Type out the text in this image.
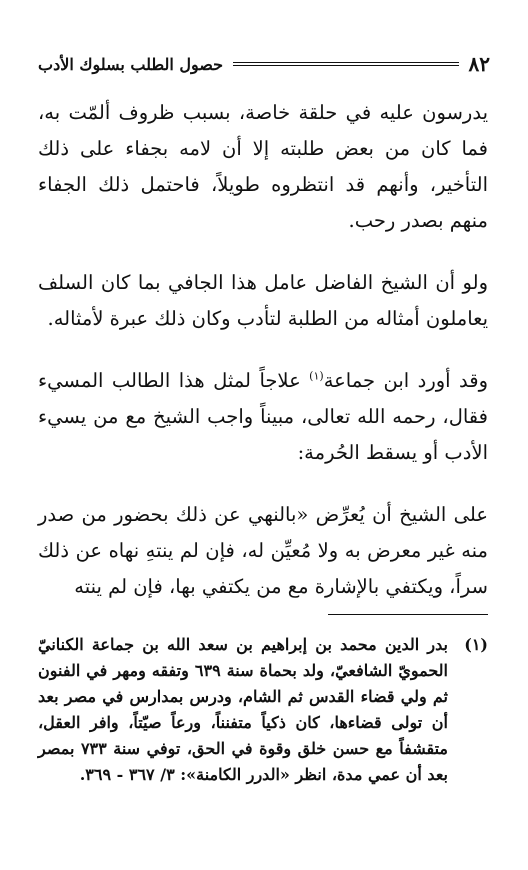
٨٢
حصول الطلب بسلوك الأدب

يدرسون عليه في حلقة خاصة، بسبب ظروف ألمّت به، فما كان من بعض طلبته إلا أن لامه بجفاء على ذلك التأخير، وأنهم قد انتظروه طويلاً، فاحتمل ذلك الجفاء منهم بصدر رحب.

ولو أن الشيخ الفاضل عامل هذا الجافي بما كان السلف يعاملون أمثاله من الطلبة لتأدب وكان ذلك عبرة لأمثاله.

وقد أورد ابن جماعة$^{(١)}$ علاجاً لمثل هذا الطالب المسيء فقال، رحمه الله تعالى، مبيناً واجب الشيخ مع من يسيء الأدب أو يسقط الحُرمة:

على الشيخ أن يُعرِّض «بالنهي عن ذلك بحضور من صدر منه غير معرض به ولا مُعيِّن له، فإن لم ينتهِ نهاه عن ذلك سراً، ويكتفي بالإشارة مع من يكتفي بها، فإن لم ينته

(١)
بدر الدين محمد بن إبراهيم بن سعد الله بن جماعة الكنانيّ الحمويّ الشافعيّ، ولد بحماة سنة ٦٣٩ وتفقه ومهر في الفنون ثم ولي قضاء القدس ثم الشام، ودرس بمدارس في مصر بعد أن تولى قضاءها، كان ذكياً متفنناً، ورعاً صيّتاً، وافر العقل، متقشفاً مع حسن خلق وقوة في الحق، توفي سنة ٧٣٣ بمصر بعد أن عمي مدة، انظر «الدرر الكامنة»: ٣/ ٣٦٧ - ٣٦٩.
